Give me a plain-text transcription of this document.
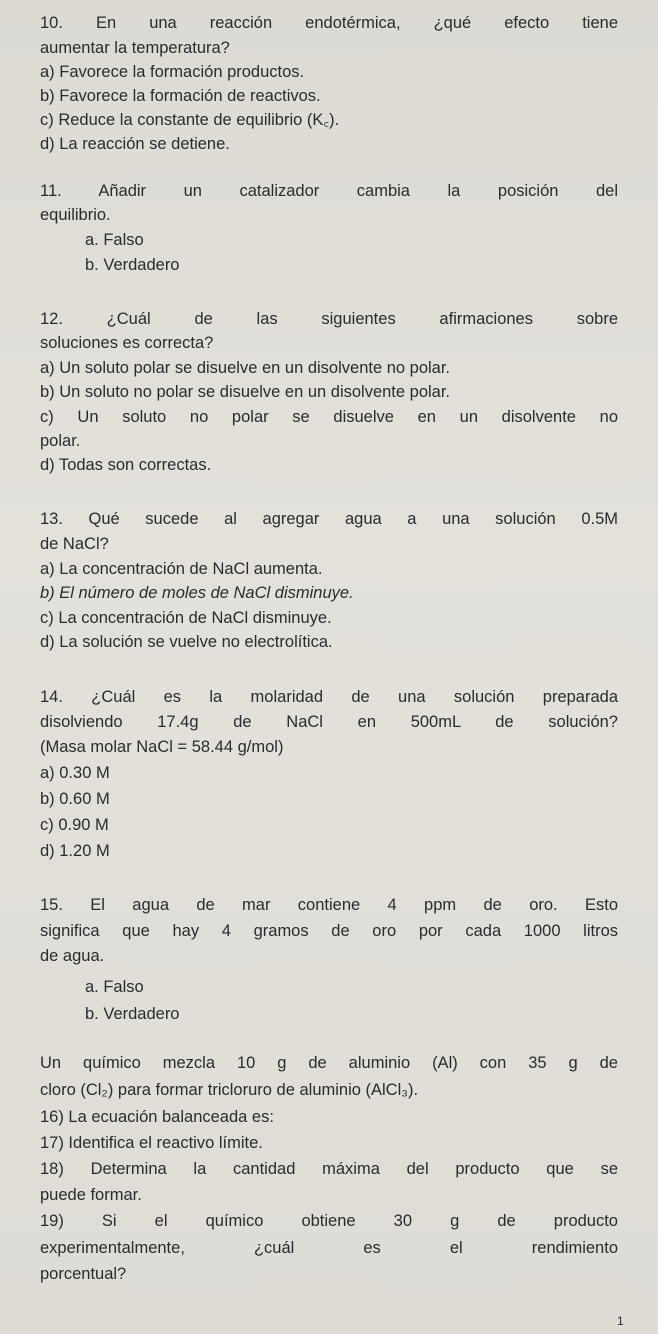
10. En una reacción endotérmica, ¿qué efecto tiene
aumentar la temperatura?
a) Favorece la formación productos.
b) Favorece la formación de reactivos.
c) Reduce la constante de equilibrio (K꜀).
d) La reacción se detiene.
11. Añadir un catalizador cambia la posición del
equilibrio.
a. Falso
b. Verdadero
12. ¿Cuál de las siguientes afirmaciones sobre
soluciones es correcta?
a) Un soluto polar se disuelve en un disolvente no polar.
b) Un soluto no polar se disuelve en un disolvente polar.
c) Un soluto no polar se disuelve en un disolvente no
polar.
d) Todas son correctas.
13. Qué sucede al agregar agua a una solución 0.5M
de NaCl?
a) La concentración de NaCl aumenta.
b) El número de moles de NaCl disminuye.
c) La concentración de NaCl disminuye.
d) La solución se vuelve no electrolítica.
14. ¿Cuál es la molaridad de una solución preparada
disolviendo 17.4g de NaCl en 500mL de solución?
(Masa molar NaCl = 58.44 g/mol)
a) 0.30 M
b) 0.60 M
c) 0.90 M
d) 1.20 M
15. El agua de mar contiene 4 ppm de oro. Esto
significa que hay 4 gramos de oro por cada 1000 litros
de agua.
a. Falso
b. Verdadero
Un químico mezcla 10 g de aluminio (Al) con 35 g de
cloro (Cl₂) para formar tricloruro de aluminio (AlCl₃).
16) La ecuación balanceada es:
17) Identifica el reactivo límite.
18) Determina la cantidad máxima del producto que se
puede formar.
19) Si el químico obtiene 30 g de producto
experimentalmente, ¿cuál es el rendimiento
porcentual?
1
